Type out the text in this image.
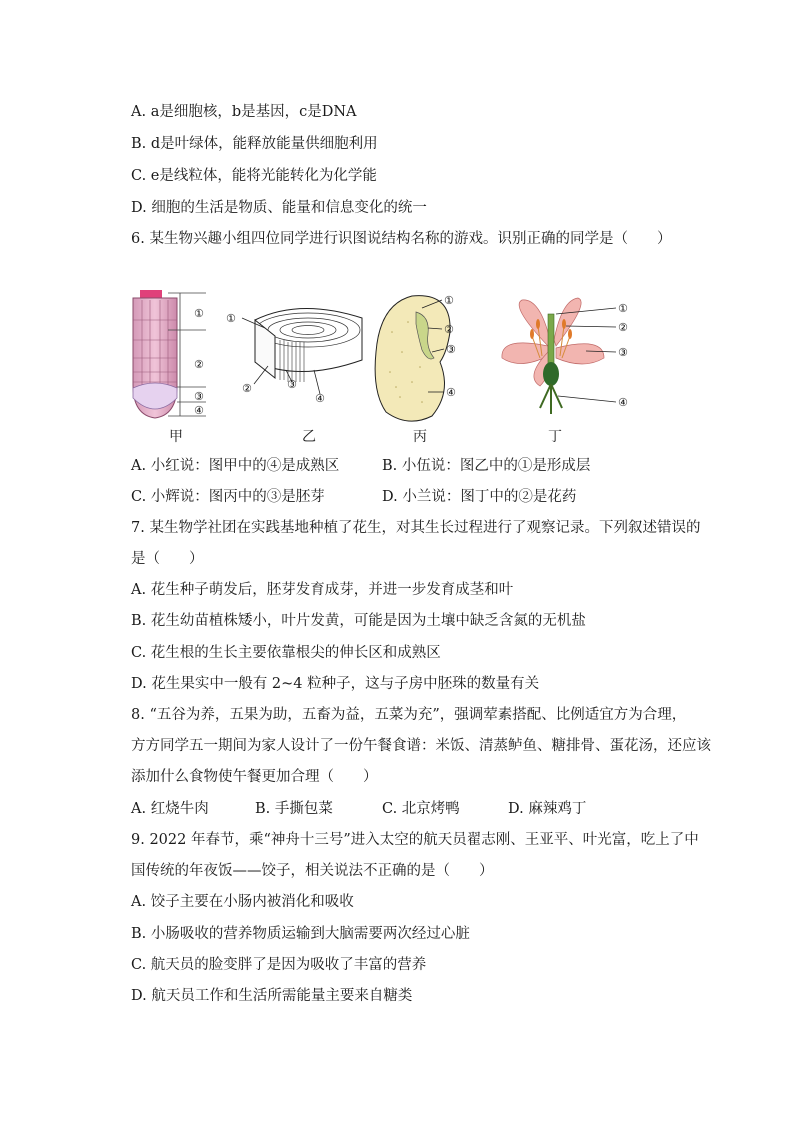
A. a是细胞核，b是基因，c是DNA
B. d是叶绿体，能释放能量供细胞利用
C. e是线粒体，能将光能转化为化学能
D. 细胞的生活是物质、能量和信息变化的统一
6. 某生物兴趣小组四位同学进行识图说结构名称的游戏。识别正确的同学是（　　）
①
②
③
④
甲
①
②	③
④
乙
①
②
③
④
丙
①
②
③
④
丁
A. 小红说：图甲中的④是成熟区	B. 小伍说：图乙中的①是形成层
C. 小辉说：图丙中的③是胚芽	D. 小兰说：图丁中的②是花药
7. 某生物学社团在实践基地种植了花生，对其生长过程进行了观察记录。下列叙述错误的
是（　　）
A. 花生种子萌发后，胚芽发育成芽，并进一步发育成茎和叶
B. 花生幼苗植株矮小，叶片发黄，可能是因为土壤中缺乏含氮的无机盐
C. 花生根的生长主要依靠根尖的伸长区和成熟区
D. 花生果实中一般有 2~4 粒种子，这与子房中胚珠的数量有关
8. “五谷为养，五果为助，五畜为益，五菜为充”，强调荤素搭配、比例适宜方为合理，
方方同学五一期间为家人设计了一份午餐食谱：米饭、清蒸鲈鱼、糖排骨、蛋花汤，还应该
添加什么食物使午餐更加合理（　　）
A. 红烧牛肉	B. 手撕包菜	C. 北京烤鸭	D. 麻辣鸡丁
9. 2022 年春节，乘“神舟十三号”进入太空的航天员翟志刚、王亚平、叶光富，吃上了中
国传统的年夜饭——饺子，相关说法不正确的是（　　）
A. 饺子主要在小肠内被消化和吸收
B. 小肠吸收的营养物质运输到大脑需要两次经过心脏
C. 航天员的脸变胖了是因为吸收了丰富的营养
D. 航天员工作和生活所需能量主要来自糖类
